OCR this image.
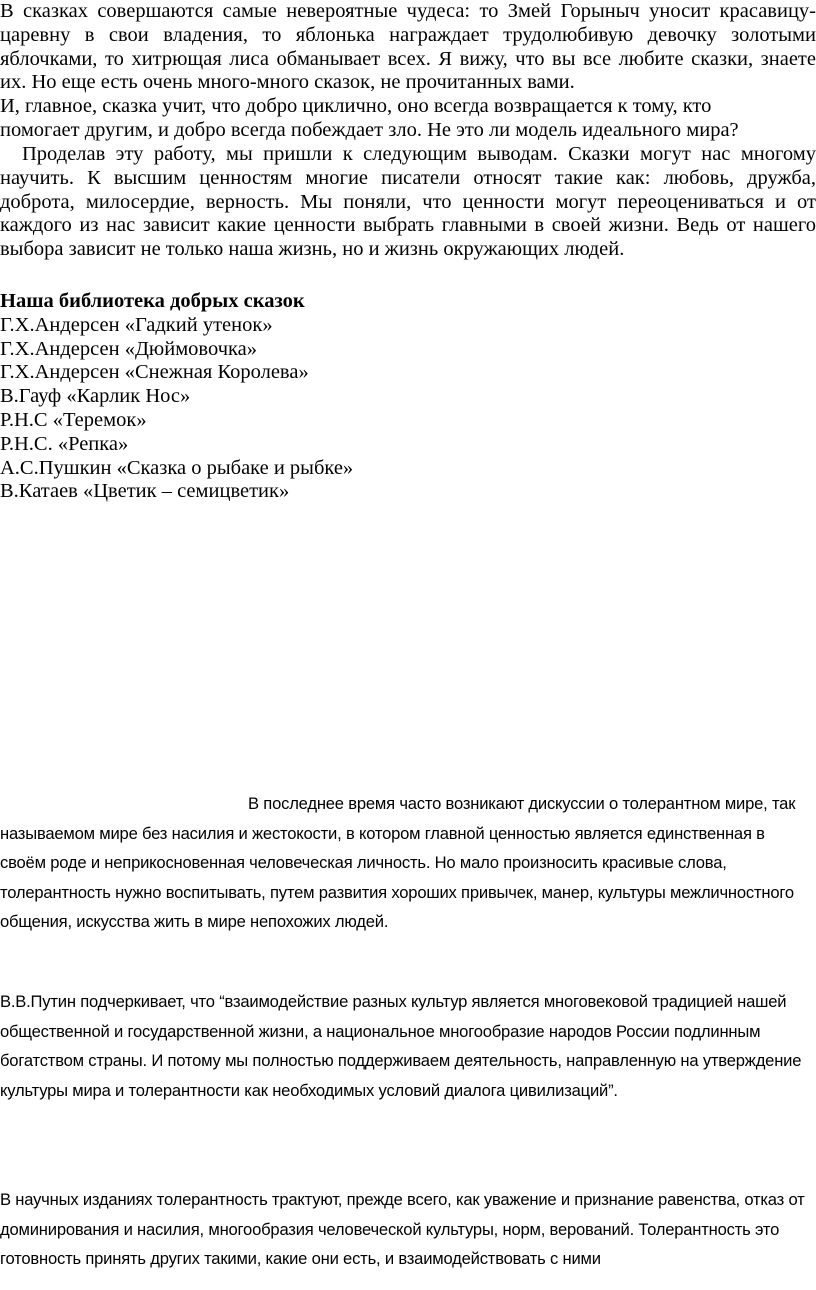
В сказках совершаются самые невероятные чудеса: то Змей Горыныч уносит красавицу-царевну в свои владения, то яблонька награждает трудолюбивую девочку золотыми яблочками, то хитрющая лиса обманывает всех. Я вижу, что вы все любите сказки, знаете их. Но еще есть очень много-много сказок, не прочитанных вами.

И, главное, сказка учит, что добро циклично, оно всегда возвращается к тому, кто помогает другим, и добро всегда побеждает зло. Не это ли модель идеального мира?

Проделав эту работу, мы пришли к следующим выводам. Сказки могут нас многому научить. К высшим ценностям многие писатели относят такие как: любовь, дружба, доброта, милосердие, верность. Мы поняли, что ценности могут переоцениваться и от каждого из нас зависит какие ценности выбрать главными в своей жизни. Ведь от нашего выбора зависит не только наша жизнь, но и жизнь окружающих людей.

Наша библиотека добрых сказок
Г.Х.Андерсен «Гадкий утенок»
Г.Х.Андерсен «Дюймовочка»
Г.Х.Андерсен «Снежная Королева»
В.Гауф «Карлик Нос»
Р.Н.С «Теремок»
Р.Н.С. «Репка»
А.С.Пушкин «Сказка о рыбаке и рыбке»
В.Катаев «Цветик – семицветик»

В последнее время часто возникают дискуссии о толерантном мире, так называемом мире без насилия и жестокости, в котором главной ценностью является единственная в своём роде и неприкосновенная человеческая личность. Но мало произносить красивые слова, толерантность нужно воспитывать, путем развития хороших привычек, манер, культуры межличностного общения, искусства жить в мире непохожих людей.

В.В.Путин подчеркивает, что “взаимодействие разных культур является многовековой традицией нашей общественной и государственной жизни, а национальное многообразие народов России подлинным богатством страны. И потому мы полностью поддерживаем деятельность, направленную на утверждение культуры мира и толерантности как необходимых условий диалога цивилизаций”.

В научных изданиях толерантность трактуют, прежде всего, как уважение и признание равенства, отказ от доминирования и насилия, многообразия человеческой культуры, норм, верований. Толерантность это готовность принять других такими, какие они есть, и взаимодействовать с ними
